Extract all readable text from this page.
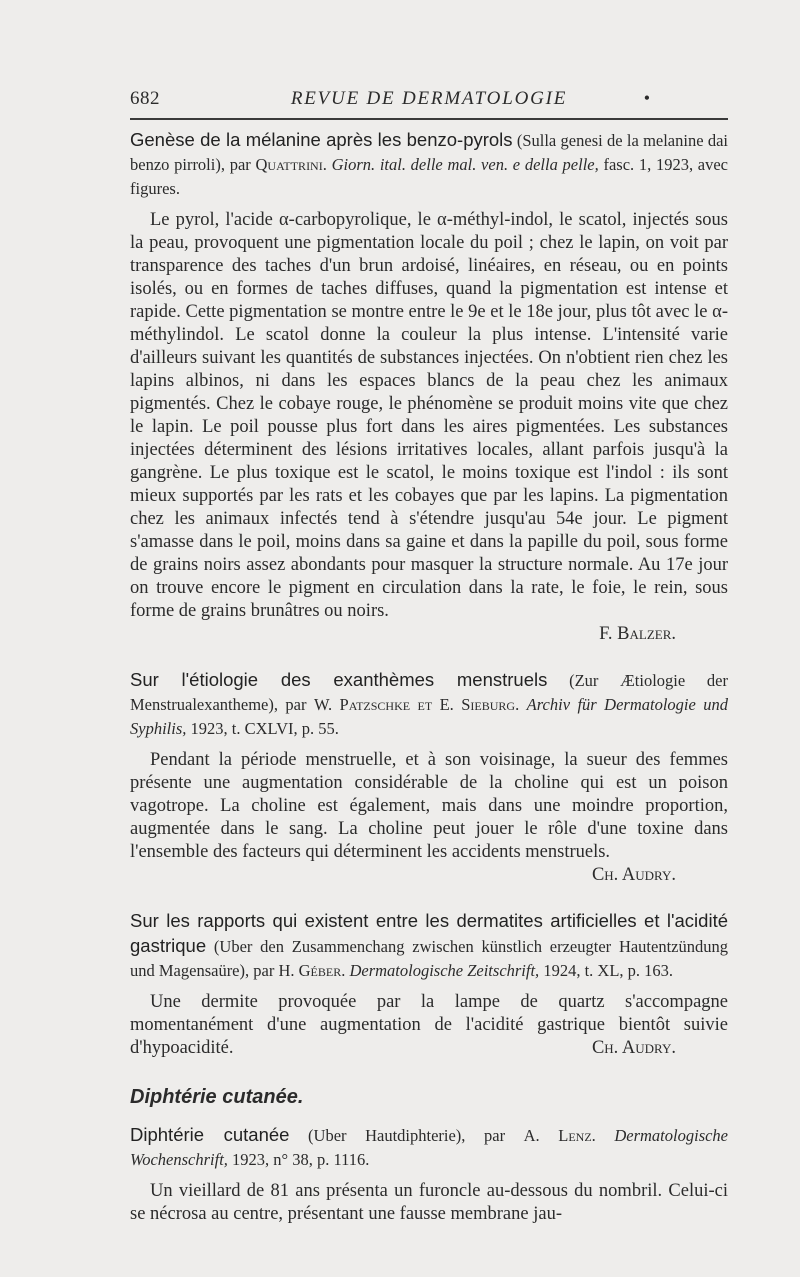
682	REVUE DE DERMATOLOGIE	•

Genèse de la mélanine après les benzo-pyrols (Sulla genesi de la melanine dai benzo pirroli), par Quattrini. Giorn. ital. delle mal. ven. e della pelle, fasc. 1, 1923, avec figures.

Le pyrol, l'acide α-carbopyrolique, le α-méthyl-indol, le scatol, injectés sous la peau, provoquent une pigmentation locale du poil ; chez le lapin, on voit par transparence des taches d'un brun ardoisé, linéaires, en réseau, ou en points isolés, ou en formes de taches diffuses, quand la pigmentation est intense et rapide. Cette pigmentation se montre entre le 9e et le 18e jour, plus tôt avec le α-méthylindol. Le scatol donne la couleur la plus intense. L'intensité varie d'ailleurs suivant les quantités de substances injectées. On n'obtient rien chez les lapins albinos, ni dans les espaces blancs de la peau chez les animaux pigmentés. Chez le cobaye rouge, le phénomène se produit moins vite que chez le lapin. Le poil pousse plus fort dans les aires pigmentées. Les substances injectées déterminent des lésions irritatives locales, allant parfois jusqu'à la gangrène. Le plus toxique est le scatol, le moins toxique est l'indol : ils sont mieux supportés par les rats et les cobayes que par les lapins. La pigmentation chez les animaux infectés tend à s'étendre jusqu'au 54e jour. Le pigment s'amasse dans le poil, moins dans sa gaine et dans la papille du poil, sous forme de grains noirs assez abondants pour masquer la structure normale. Au 17e jour on trouve encore le pigment en circulation dans la rate, le foie, le rein, sous forme de grains brunâtres ou noirs.

F. Balzer.

Sur l'étiologie des exanthèmes menstruels (Zur Ætiologie der Menstrualexantheme), par W. Patzschke et E. Sieburg. Archiv für Dermatologie und Syphilis, 1923, t. CXLVI, p. 55.

Pendant la période menstruelle, et à son voisinage, la sueur des femmes présente une augmentation considérable de la choline qui est un poison vagotrope. La choline est également, mais dans une moindre proportion, augmentée dans le sang. La choline peut jouer le rôle d'une toxine dans l'ensemble des facteurs qui déterminent les accidents menstruels.
Ch. Audry.

Sur les rapports qui existent entre les dermatites artificielles et l'acidité gastrique (Uber den Zusammenchang zwischen künstlich erzeugter Hautentzündung und Magensaüre), par H. Géber. Dermatologische Zeitschrift, 1924, t. XL, p. 163.

Une dermite provoquée par la lampe de quartz s'accompagne momentanément d'une augmentation de l'acidité gastrique bientôt suivie d'hypoacidité.	Ch. Audry.

Diphtérie cutanée.

Diphtérie cutanée (Uber Hautdiphterie), par A. Lenz. Dermatologische Wochenschrift, 1923, n° 38, p. 1116.

Un vieillard de 81 ans présenta un furoncle au-dessous du nombril. Celui-ci se nécrosa au centre, présentant une fausse membrane jau-
